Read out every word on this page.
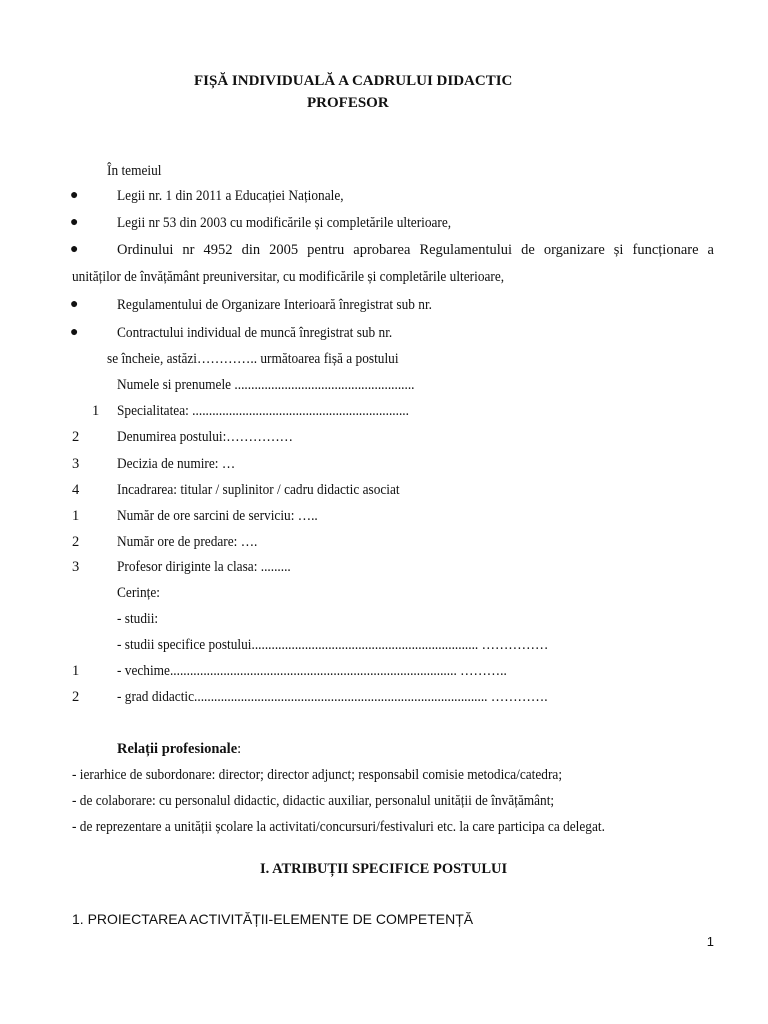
FIȘĂ INDIVIDUALĂ A CADRULUI DIDACTIC
PROFESOR
În temeiul
●	Legii nr. 1 din 2011 a Educației Naționale,
●	Legii nr 53 din 2003 cu modificările și completările ulterioare,
●	Ordinului nr 4952 din 2005 pentru aprobarea Regulamentului de organizare și funcționare a
unităților de învățământ preuniversitar, cu modificările și completările ulterioare,
●	Regulamentului de Organizare Interioară înregistrat sub nr.
●	Contractului individual de muncă înregistrat sub nr.
se încheie, astăzi………….. următoarea fișă a postului
Numele si prenumele ......................................................
1 Specialitatea: .................................................................
2	Denumirea postului:……………
3	Decizia de numire: …
4	Incadrarea: titular / suplinitor / cadru didactic asociat
1	Număr de ore sarcini de serviciu: …..
2	Număr ore de predare: ….
3	Profesor diriginte la clasa: .........
Cerințe:
- studii:
- studii specifice postului.................................................................... ……………
1	- vechime...................................................................................... ………..
2	- grad didactic........................................................................................ ………….
Relații profesionale:
- ierarhice de subordonare: director; director adjunct; responsabil comisie metodica/catedra;
- de colaborare: cu personalul didactic, didactic auxiliar, personalul unității de învățământ;
- de reprezentare a unității școlare la activitati/concursuri/festivaluri etc. la care participa ca delegat.
I. ATRIBUȚII SPECIFICE POSTULUI
1. PROIECTAREA ACTIVITĂȚII-ELEMENTE DE COMPETENȚĂ
1
